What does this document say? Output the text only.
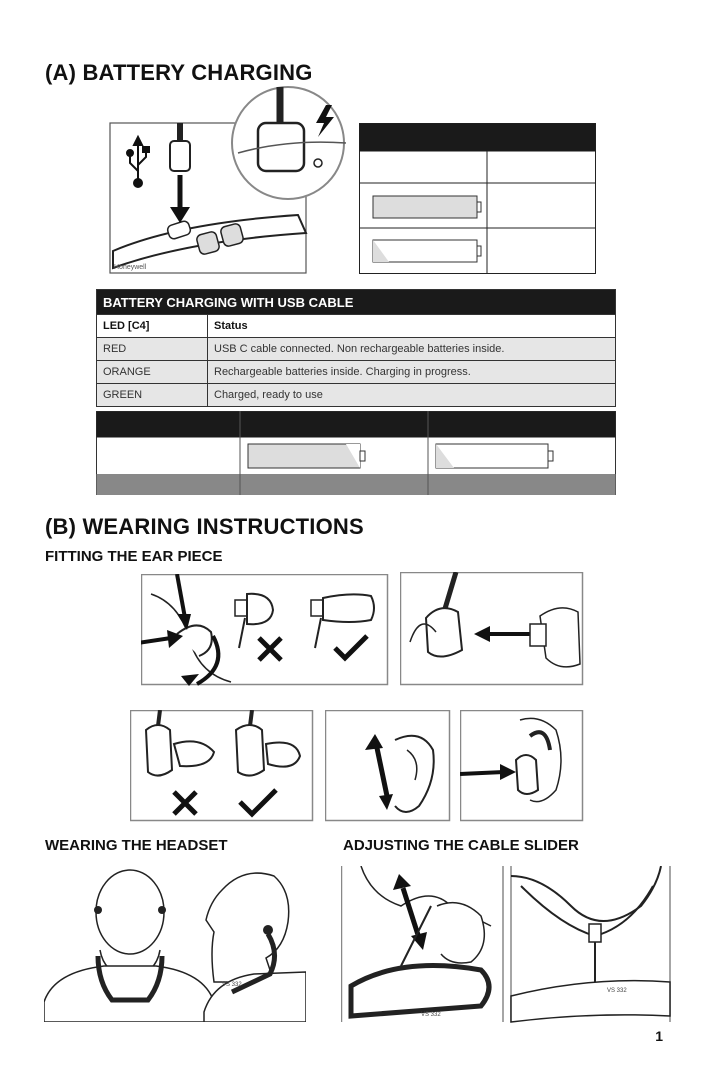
(A) BATTERY CHARGING
Honeywell
BATTERY CHARGING WITH USB CABLE	
LED [C4]	Status
RED	USB C cable connected. Non rechargeable batteries inside.
ORANGE	Rechargeable batteries inside. Charging in progress.
GREEN	Charged, ready to use
(B) WEARING INSTRUCTIONS
FITTING THE EAR PIECE
WEARING THE HEADSET	ADJUSTING THE CABLE SLIDER
VS 332
VS 332
VS 332
1
